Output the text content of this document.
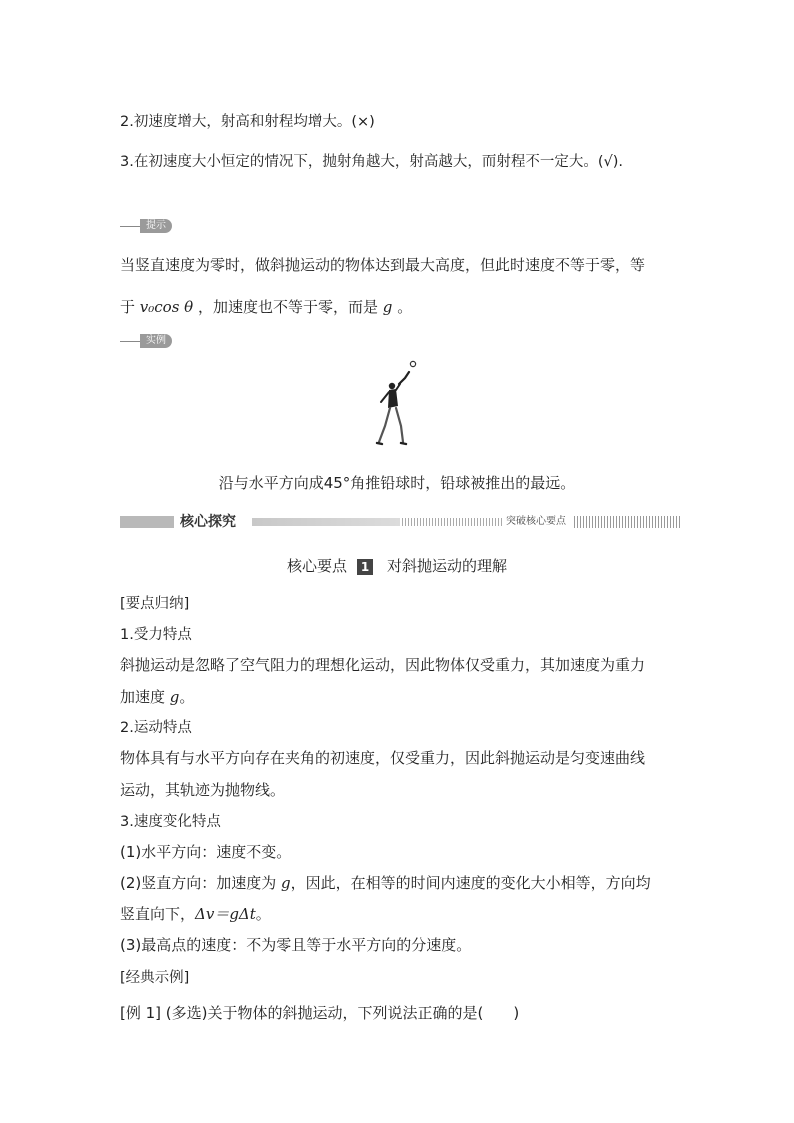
2.初速度增大，射高和射程均增大。(×)
3.在初速度大小恒定的情况下，抛射角越大，射高越大，而射程不一定大。(√).
提示
当竖直速度为零时，做斜抛运动的物体达到最大高度，但此时速度不等于零，等
于 v₀cos θ ，加速度也不等于零，而是 g 。
实例
沿与水平方向成45°角推铅球时，铅球被推出的最远。
核心探究	突破核心要点
核心要点 1 对斜抛运动的理解
[要点归纳]
1.受力特点
斜抛运动是忽略了空气阻力的理想化运动，因此物体仅受重力，其加速度为重力
加速度 g。
2.运动特点
物体具有与水平方向存在夹角的初速度，仅受重力，因此斜抛运动是匀变速曲线
运动，其轨迹为抛物线。
3.速度变化特点
(1)水平方向：速度不变。
(2)竖直方向：加速度为 g，因此，在相等的时间内速度的变化大小相等，方向均
竖直向下，Δv＝gΔt。
(3)最高点的速度：不为零且等于水平方向的分速度。
[经典示例]
[例 1] (多选)关于物体的斜抛运动，下列说法正确的是(　　)
